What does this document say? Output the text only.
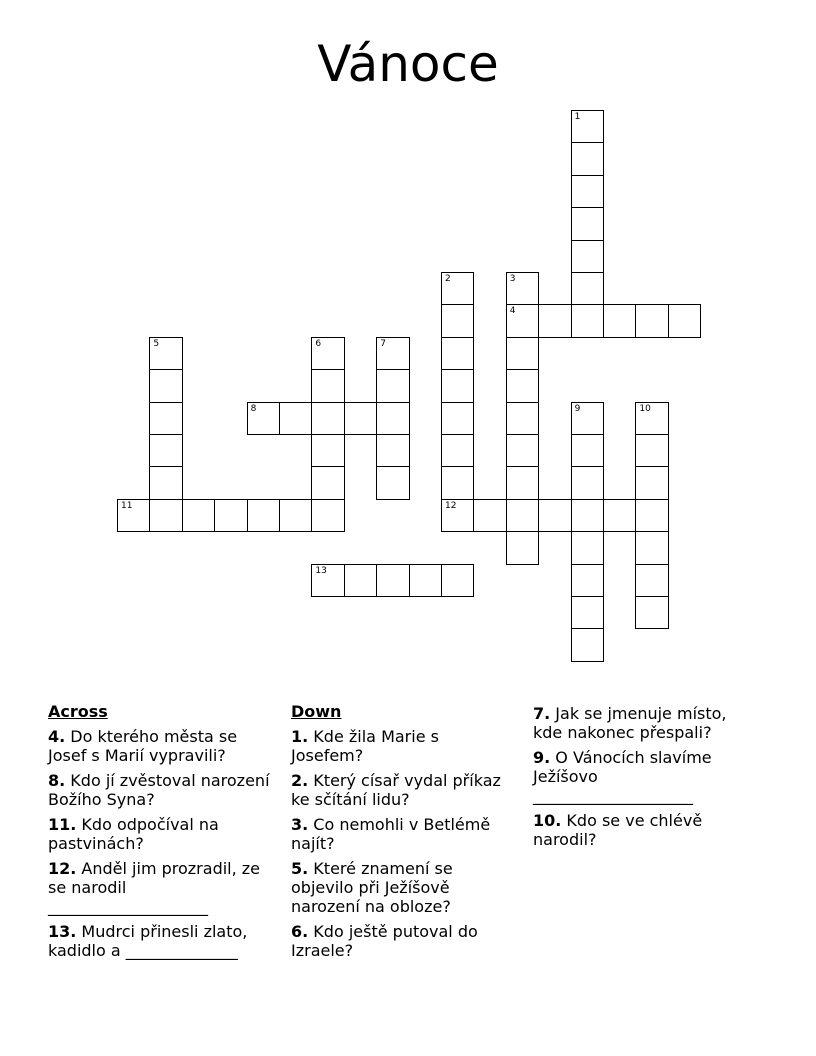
Vánoce
1
2
12
3
4
5	6	7
8	9	10
11
13
Across
4. Do kterého města se Josef s Marií vypravili?
8. Kdo jí zvěstoval narození Božího Syna?
11. Kdo odpočíval na pastvinách?
12. Anděl jim prozradil, ze se narodil ____________________
13. Mudrci přinesli zlato, kadidlo a ______________
Down
1. Kde žila Marie s Josefem?
2. Který císař vydal příkaz ke sčítání lidu?
3. Co nemohli v Betlémě najít?
5. Které znamení se objevilo při Ježíšově narození na obloze?
6. Kdo ještě putoval do Izraele?
7. Jak se jmenuje místo, kde nakonec přespali?
9. O Vánocích slavíme Ježíšovo ____________________
10. Kdo se ve chlévě narodil?
